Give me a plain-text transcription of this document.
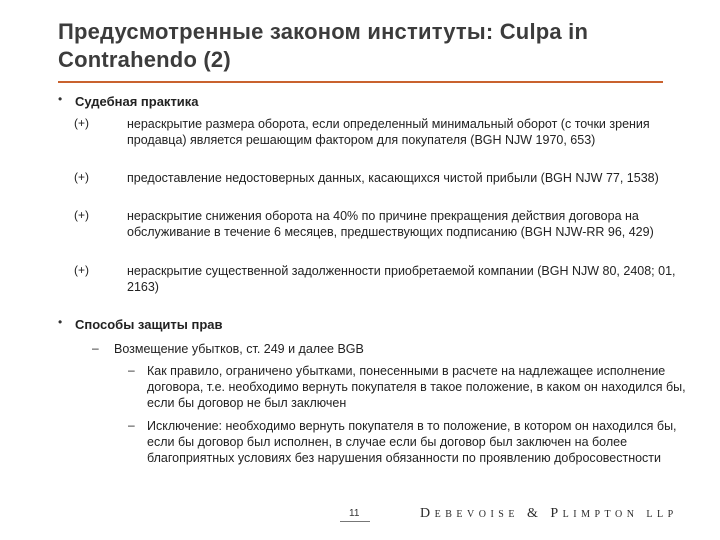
Предусмотренные законом институты: Culpa in Contrahendo (2)
• Судебная практика
(+)	нераскрытие размера оборота, если определенный минимальный оборот (с точки зрения продавца) является решающим фактором для покупателя (BGH NJW 1970, 653)
(+)	предоставление недостоверных данных, касающихся чистой прибыли (BGH NJW 77, 1538)
(+)	нераскрытие снижения оборота на 40% по причине прекращения действия договора на обслуживание в течение 6 месяцев, предшествующих подписанию (BGH NJW-RR 96, 429)
(+)	нераскрытие существенной задолженности приобретаемой компании (BGH NJW 80, 2408; 01, 2163)
• Способы защиты прав
– Возмещение убытков, ст. 249 и далее BGB
– Как правило, ограничено убытками, понесенными в расчете на надлежащее исполнение договора, т.е. необходимо вернуть покупателя в такое положение, в каком он находился бы, если бы договор не был заключен
– Исключение: необходимо вернуть покупателя в то положение, в котором он находился бы, если бы договор был исполнен, в случае если бы договор был заключен на более благоприятных условиях без нарушения обязанности по проявлению добросовестности
11	DEBEVOISE & PLIMPTON LLP
